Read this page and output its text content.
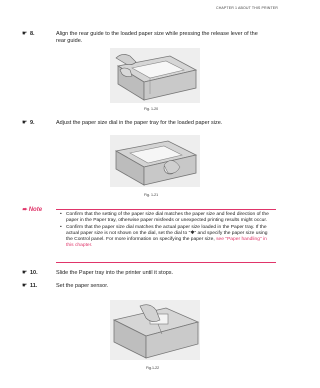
CHAPTER 1 ABOUT THIS PRINTER
☛ 8.	Align the rear guide to the loaded paper size while pressing the release lever of the rear guide.
Fig. 1-20
☛ 9.	Adjust the paper size dial in the paper tray for the loaded paper size.
Fig. 1-21
➨ Note
• Confirm that the setting of the paper size dial matches the paper size and feed direction of the paper in the Paper tray, otherwise paper misfeeds or unexpected printing results might occur.
• Confirm that the paper size dial matches the actual paper size loaded in the Paper tray. If the actual paper size is not shown on the dial, set the dial to "✱" and specify the paper size using the Control panel. For more information on specifying the paper size, see "Paper handling" in this chapter.
☛ 10.	Slide the Paper tray into the printer until it stops.
☛ 11.	Set the paper sensor.
Fig.1-22
